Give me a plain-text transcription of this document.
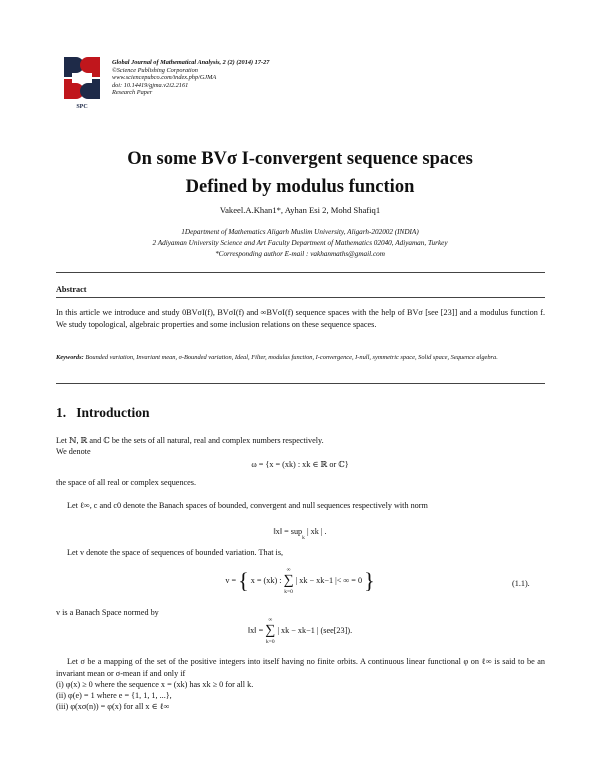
SPC
Global Journal of Mathematical Analysis, 2 (2) (2014) 17-27
©Science Publishing Corporation
www.sciencepubco.com/index.php/GJMA
doi: 10.14419/gjma.v2i2.2161
Research Paper
On some BVσ I-convergent sequence spaces
Defined by modulus function
Vakeel.A.Khan1*, Ayhan Esi 2, Mohd Shafiq1
1Department of Mathematics Aligarh Muslim University, Aligarh-202002 (INDIA)
2 Adiyaman University Science and Art Faculty Department of Mathematics 02040, Adiyaman, Turkey
*Corresponding author E-mail : vakhanmaths@gmail.com
Abstract
In this article we introduce and study 0BVσI(f), BVσI(f) and ∞BVσI(f) sequence spaces with the help of BVσ [see [23]] and a modulus function f. We study topological, algebraic properties and some inclusion relations on these sequence spaces.
Keywords: Bounded variation, Invariant mean, σ-Bounded variation, Ideal, Filter, modulus function, I-convergence, I-null, symmetric space, Solid space, Sequence algebra.
1. Introduction
Let ℕ, ℝ and ℂ be the sets of all natural, real and complex numbers respectively.
We denote
ω = {x = (xk) : xk ∈ ℝ or ℂ}
the space of all real or complex sequences.
Let ℓ∞, c and c0 denote the Banach spaces of bounded, convergent and null sequences respectively with norm
‖x‖ = sup
k
| xk | .
Let v denote the space of sequences of bounded variation. That is,
v = { x = (xk) :
∞
∑
k=0
| xk − xk−1 |< ∞ = 0 }	(1.1).
v is a Banach Space normed by
‖x‖ =
∞
∑
k=0
| xk − xk−1 | (see[23]).
Let σ be a mapping of the set of the positive integers into itself having no finite orbits. A continuous linear functional φ on ℓ∞ is said to be an invariant mean or σ-mean if and only if
(i) φ(x) ≥ 0 where the sequence x = (xk) has xk ≥ 0 for all k.
(ii) φ(e) = 1 where e = {1, 1, 1, ...},
(iii) φ(xσ(n)) = φ(x) for all x ∈ ℓ∞
